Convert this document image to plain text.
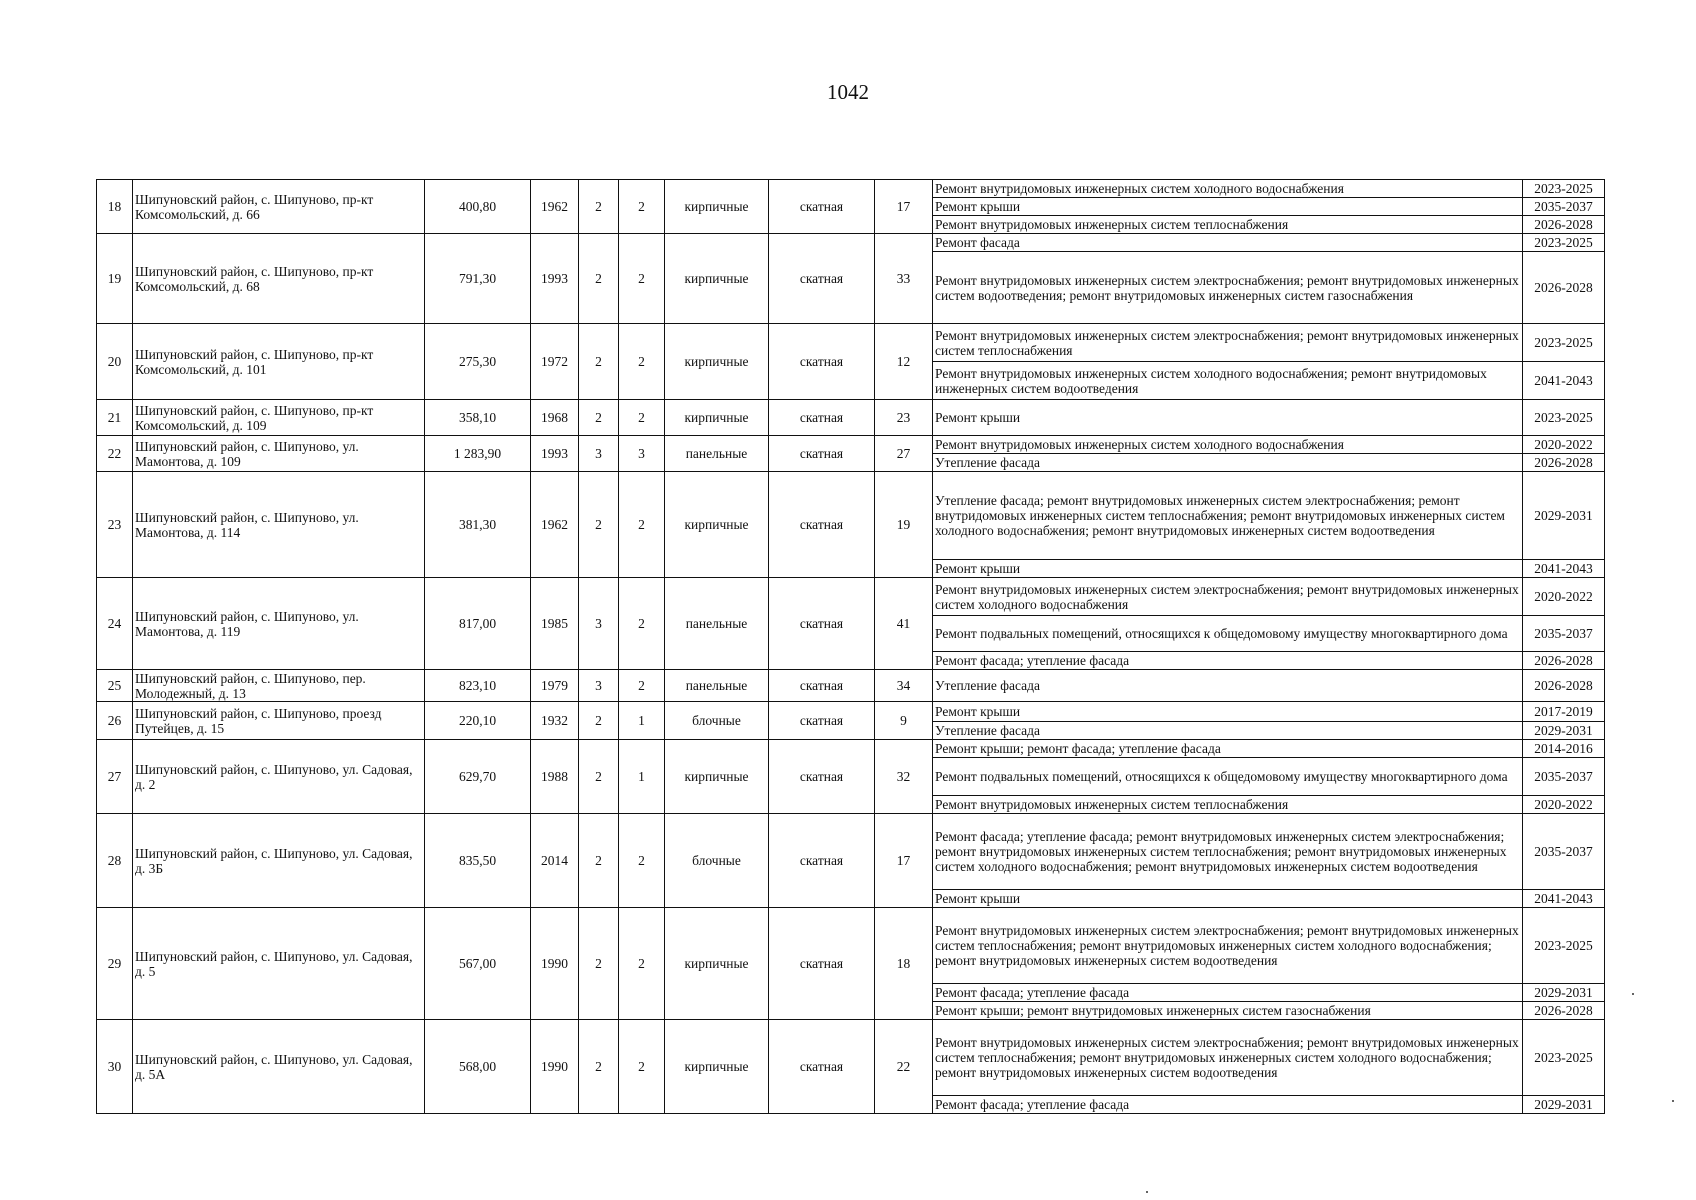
1042
18	Шипуновский район, с. Шипуново, пр-кт Комсомольский, д. 66	400,80	1962	2	2	кирпичные	скатная	17	Ремонт внутридомовых инженерных систем холодного водоснабжения	2023-2025
									Ремонт крыши	2035-2037
									Ремонт внутридомовых инженерных систем теплоснабжения	2026-2028
19	Шипуновский район, с. Шипуново, пр-кт Комсомольский, д. 68	791,30	1993	2	2	кирпичные	скатная	33	Ремонт фасада	2023-2025
									Ремонт внутридомовых инженерных систем электроснабжения; ремонт внутридомовых инженерных систем водоотведения; ремонт внутридомовых инженерных систем газоснабжения	2026-2028
20	Шипуновский район, с. Шипуново, пр-кт Комсомольский, д. 101	275,30	1972	2	2	кирпичные	скатная	12	Ремонт внутридомовых инженерных систем электроснабжения; ремонт внутридомовых инженерных систем теплоснабжения	2023-2025
									Ремонт внутридомовых инженерных систем холодного водоснабжения; ремонт внутридомовых инженерных систем водоотведения	2041-2043
21	Шипуновский район, с. Шипуново, пр-кт Комсомольский, д. 109	358,10	1968	2	2	кирпичные	скатная	23	Ремонт крыши	2023-2025
22	Шипуновский район, с. Шипуново, ул. Мамонтова, д. 109	1 283,90	1993	3	3	панельные	скатная	27	Ремонт внутридомовых инженерных систем холодного водоснабжения	2020-2022
									Утепление фасада	2026-2028
23	Шипуновский район, с. Шипуново, ул. Мамонтова, д. 114	381,30	1962	2	2	кирпичные	скатная	19	Утепление фасада; ремонт внутридомовых инженерных систем электроснабжения; ремонт внутридомовых инженерных систем теплоснабжения; ремонт внутридомовых инженерных систем холодного водоснабжения; ремонт внутридомовых инженерных систем водоотведения	2029-2031
									Ремонт крыши	2041-2043
24	Шипуновский район, с. Шипуново, ул. Мамонтова, д. 119	817,00	1985	3	2	панельные	скатная	41	Ремонт внутридомовых инженерных систем электроснабжения; ремонт внутридомовых инженерных систем холодного водоснабжения	2020-2022
									Ремонт подвальных помещений, относящихся к общедомовому имуществу многоквартирного дома	2035-2037
									Ремонт фасада; утепление фасада	2026-2028
25	Шипуновский район, с. Шипуново, пер. Молодежный, д. 13	823,10	1979	3	2	панельные	скатная	34	Утепление фасада	2026-2028
26	Шипуновский район, с. Шипуново, проезд Путейцев, д. 15	220,10	1932	2	1	блочные	скатная	9	Ремонт крыши	2017-2019
									Утепление фасада	2029-2031
27	Шипуновский район, с. Шипуново, ул. Садовая, д. 2	629,70	1988	2	1	кирпичные	скатная	32	Ремонт крыши; ремонт фасада; утепление фасада	2014-2016
									Ремонт подвальных помещений, относящихся к общедомовому имуществу многоквартирного дома	2035-2037
									Ремонт внутридомовых инженерных систем теплоснабжения	2020-2022
28	Шипуновский район, с. Шипуново, ул. Садовая, д. 3Б	835,50	2014	2	2	блочные	скатная	17	Ремонт фасада; утепление фасада; ремонт внутридомовых инженерных систем электроснабжения; ремонт внутридомовых инженерных систем теплоснабжения; ремонт внутридомовых инженерных систем холодного водоснабжения; ремонт внутридомовых инженерных систем водоотведения	2035-2037
									Ремонт крыши	2041-2043
29	Шипуновский район, с. Шипуново, ул. Садовая, д. 5	567,00	1990	2	2	кирпичные	скатная	18	Ремонт внутридомовых инженерных систем электроснабжения; ремонт внутридомовых инженерных систем теплоснабжения; ремонт внутридомовых инженерных систем холодного водоснабжения; ремонт внутридомовых инженерных систем водоотведения	2023-2025
									Ремонт фасада; утепление фасада	2029-2031
									Ремонт крыши; ремонт внутридомовых инженерных систем газоснабжения	2026-2028
30	Шипуновский район, с. Шипуново, ул. Садовая, д. 5А	568,00	1990	2	2	кирпичные	скатная	22	Ремонт внутридомовых инженерных систем электроснабжения; ремонт внутридомовых инженерных систем теплоснабжения; ремонт внутридомовых инженерных систем холодного водоснабжения; ремонт внутридомовых инженерных систем водоотведения	2023-2025
									Ремонт фасада; утепление фасада	2029-2031
